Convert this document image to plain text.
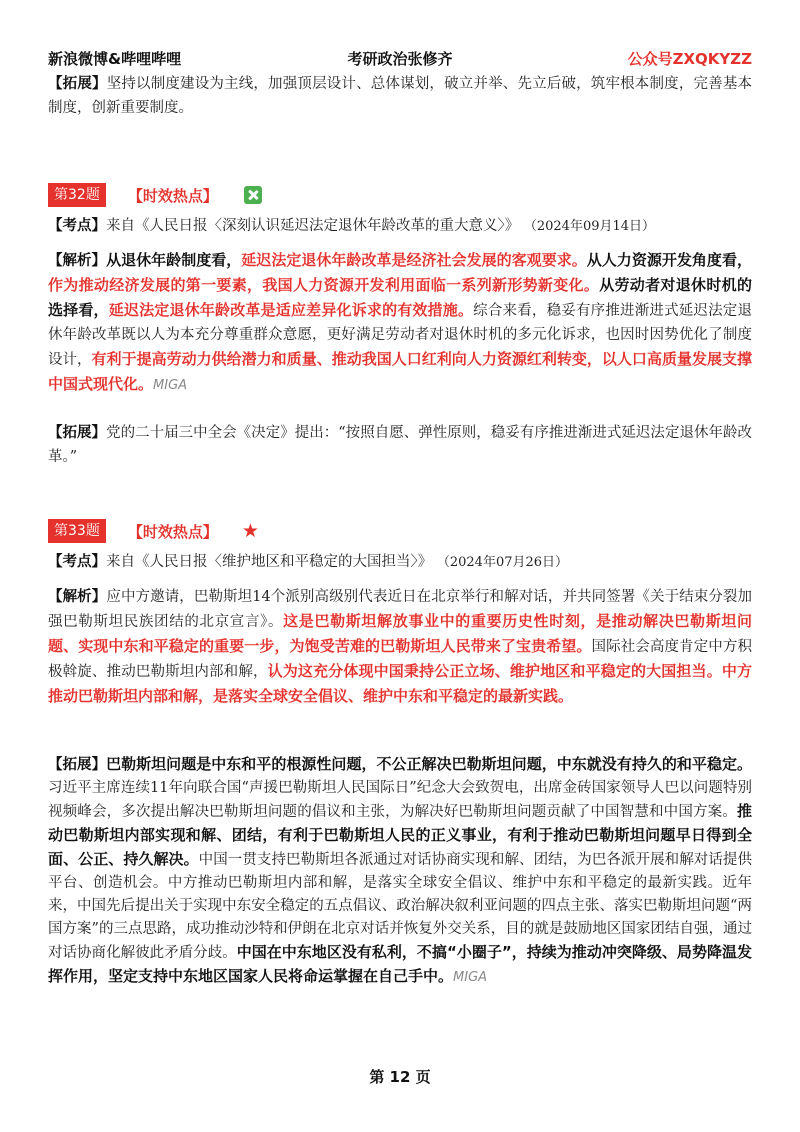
新浪微博&哔哩哔哩	考研政治张修齐	公众号ZXQKYZZ

【拓展】坚持以制度建设为主线，加强顶层设计、总体谋划，破立并举、先立后破，筑牢根本制度，完善基本制度，创新重要制度。

第32题	【时效热点】

【考点】来自《人民日报〈深刻认识延迟法定退休年龄改革的重大意义〉》 （2024年09月14日）

【解析】从退休年龄制度看，延迟法定退休年龄改革是经济社会发展的客观要求。从人力资源开发角度看，作为推动经济发展的第一要素，我国人力资源开发利用面临一系列新形势新变化。从劳动者对退休时机的选择看，延迟法定退休年龄改革是适应差异化诉求的有效措施。综合来看，稳妥有序推进渐进式延迟法定退休年龄改革既以人为本充分尊重群众意愿，更好满足劳动者对退休时机的多元化诉求，也因时因势优化了制度设计，有利于提高劳动力供给潜力和质量、推动我国人口红利向人力资源红利转变，以人口高质量发展支撑中国式现代化。MIGA

【拓展】党的二十届三中全会《决定》提出：“按照自愿、弹性原则，稳妥有序推进渐进式延迟法定退休年龄改革。”

第33题	【时效热点】 ★

【考点】来自《人民日报〈维护地区和平稳定的大国担当〉》 （2024年07月26日）

【解析】应中方邀请，巴勒斯坦14个派别高级别代表近日在北京举行和解对话，并共同签署《关于结束分裂加强巴勒斯坦民族团结的北京宣言》。这是巴勒斯坦解放事业中的重要历史性时刻，是推动解决巴勒斯坦问题、实现中东和平稳定的重要一步，为饱受苦难的巴勒斯坦人民带来了宝贵希望。国际社会高度肯定中方积极斡旋、推动巴勒斯坦内部和解，认为这充分体现中国秉持公正立场、维护地区和平稳定的大国担当。中方推动巴勒斯坦内部和解，是落实全球安全倡议、维护中东和平稳定的最新实践。

【拓展】巴勒斯坦问题是中东和平的根源性问题，不公正解决巴勒斯坦问题，中东就没有持久的和平稳定。习近平主席连续11年向联合国“声援巴勒斯坦人民国际日”纪念大会致贺电，出席金砖国家领导人巴以问题特别视频峰会，多次提出解决巴勒斯坦问题的倡议和主张，为解决好巴勒斯坦问题贡献了中国智慧和中国方案。推动巴勒斯坦内部实现和解、团结，有利于巴勒斯坦人民的正义事业，有利于推动巴勒斯坦问题早日得到全面、公正、持久解决。中国一贯支持巴勒斯坦各派通过对话协商实现和解、团结，为巴各派开展和解对话提供平台、创造机会。中方推动巴勒斯坦内部和解，是落实全球安全倡议、维护中东和平稳定的最新实践。近年来，中国先后提出关于实现中东安全稳定的五点倡议、政治解决叙利亚问题的四点主张、落实巴勒斯坦问题“两国方案”的三点思路，成功推动沙特和伊朗在北京对话并恢复外交关系，目的就是鼓励地区国家团结自强，通过对话协商化解彼此矛盾分歧。中国在中东地区没有私利，不搞“小圈子”，持续为推动冲突降级、局势降温发挥作用，坚定支持中东地区国家人民将命运掌握在自己手中。MIGA

第 12 页
